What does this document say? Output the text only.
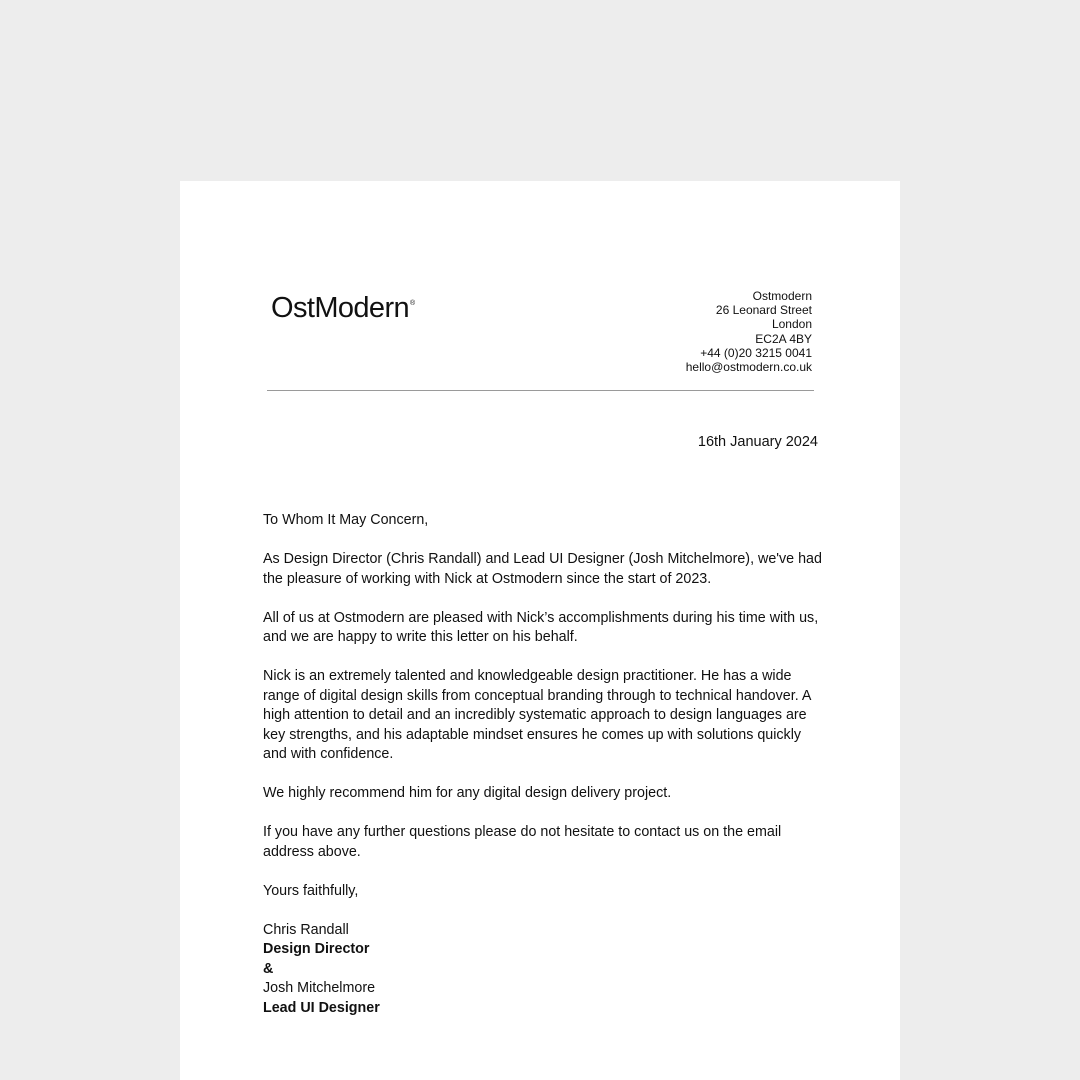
OstModern®
Ostmodern
26 Leonard Street
London
EC2A 4BY
+44 (0)20 3215 0041
hello@ostmodern.co.uk
16th January 2024

To Whom It May Concern,

As Design Director (Chris Randall) and Lead UI Designer (Josh Mitchelmore), we've had the pleasure of working with Nick at Ostmodern since the start of 2023.

All of us at Ostmodern are pleased with Nick’s accomplishments during his time with us, and we are happy to write this letter on his behalf.

Nick is an extremely talented and knowledgeable design practitioner. He has a wide range of digital design skills from conceptual branding through to technical handover. A high attention to detail and an incredibly systematic approach to design languages are key strengths, and his adaptable mindset ensures he comes up with solutions quickly and with confidence.

We highly recommend him for any digital design delivery project.

If you have any further questions please do not hesitate to contact us on the email address above.

Yours faithfully,

Chris Randall

Design Director

&

Josh Mitchelmore

Lead UI Designer
